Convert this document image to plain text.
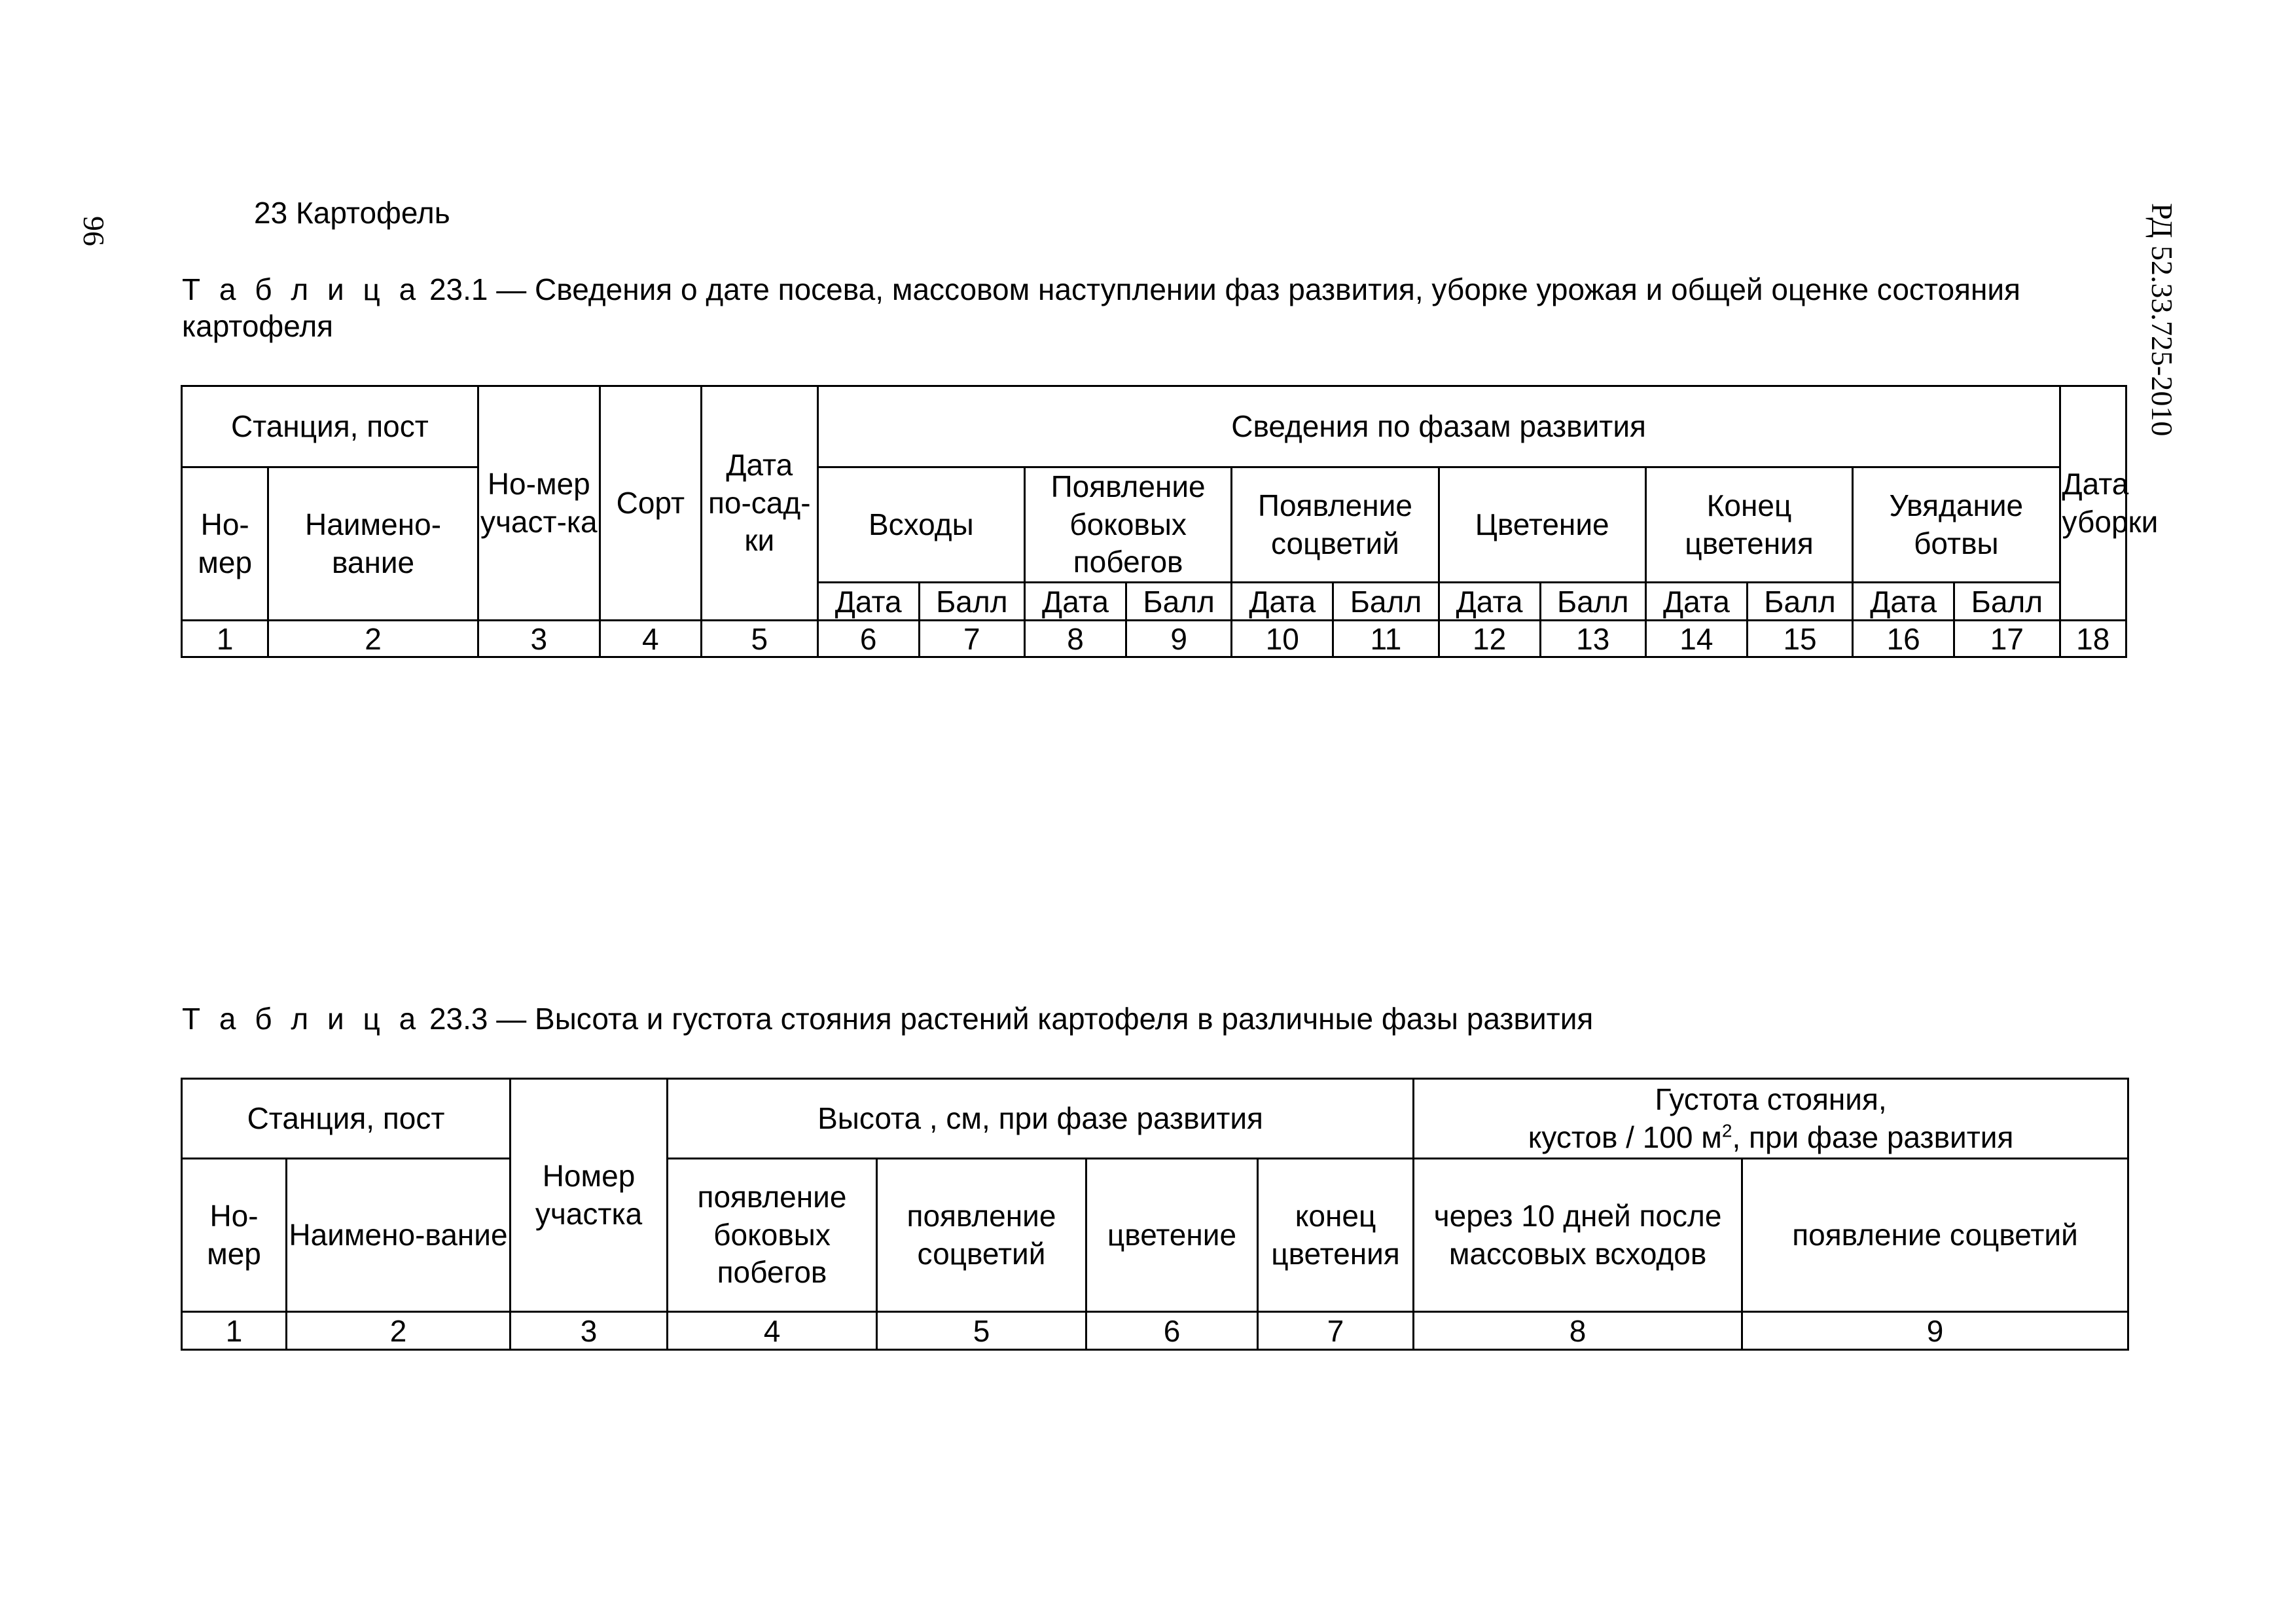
96	РД 52.33.725-2010
23 Картофель
Т а б л и ц а 23.1 — Сведения о дате посева, массовом наступлении фаз развития, уборке урожая и общей оценке состояния картофеля
Станция, пост		Но-мер участ-ка	Сорт	Дата по-сад-ки	Сведения по фазам развития												Дата уборки
Но-мер	Наимено-вание				Всходы		Появление боковых побегов		Появление соцветий		Цветение		Конец цветения		Увядание ботвы		
					Дата	Балл	Дата	Балл	Дата	Балл	Дата	Балл	Дата	Балл	Дата	Балл	
1	2	3	4	5	6	7	8	9	10	11	12	13	14	15	16	17	18
Т а б л и ц а 23.3 — Высота и густота стояния растений картофеля в различные фазы развития
Станция, пост		Номер участка	Высота , см, при фазе развития				Густота стояния,
кустов / 100 $м^2$, при фазе развития	
Но-мер	Наимено-вание		появление боковых побегов	появление соцветий	цветение	конец цветения	через 10 дней после массовых всходов	появление соцветий
1	2	3	4	5	6	7	8	9
